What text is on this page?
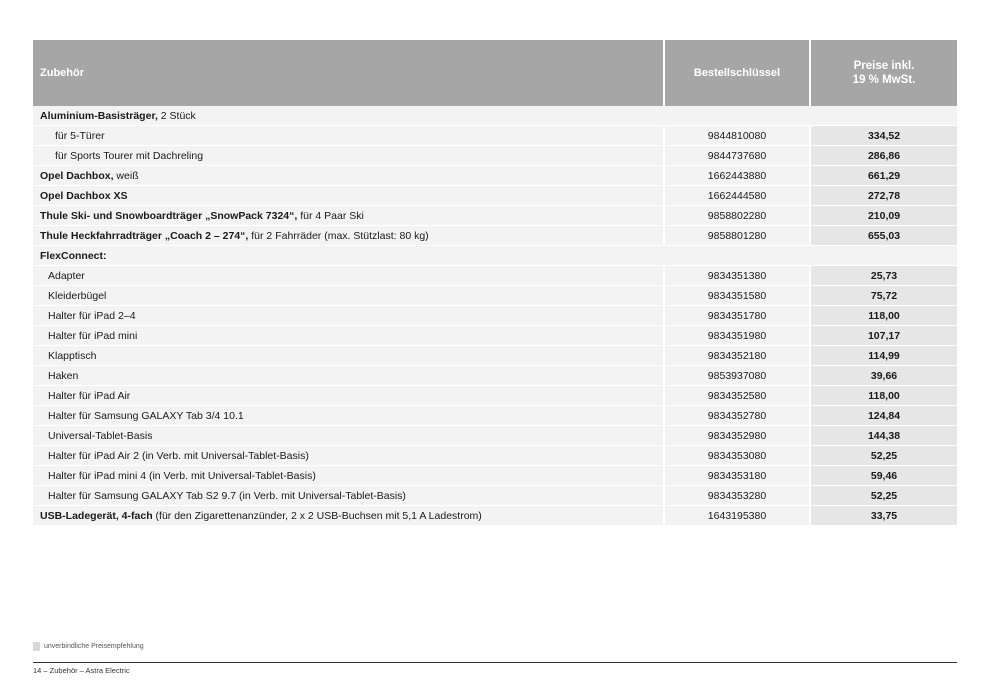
Zubehör	Bestellschlüssel	Preise inkl.
19 % MwSt.
Aluminium-Basisträger, 2 Stück		
für 5-Türer	9844810080	334,52
für Sports Tourer mit Dachreling	9844737680	286,86
Opel Dachbox, weiß	1662443880	661,29
Opel Dachbox XS	1662444580	272,78
Thule Ski- und Snowboardträger „SnowPack 7324“, für 4 Paar Ski	9858802280	210,09
Thule Heckfahrradträger „Coach 2 – 274“, für 2 Fahrräder (max. Stützlast: 80 kg)	9858801280	655,03
FlexConnect:		
Adapter	9834351380	25,73
Kleiderbügel	9834351580	75,72
Halter für iPad 2–4	9834351780	118,00
Halter für iPad mini	9834351980	107,17
Klapptisch	9834352180	114,99
Haken	9853937080	39,66
Halter für iPad Air	9834352580	118,00
Halter für Samsung GALAXY Tab 3/4 10.1	9834352780	124,84
Universal-Tablet-Basis	9834352980	144,38
Halter für iPad Air 2 (in Verb. mit Universal-Tablet-Basis)	9834353080	52,25
Halter für iPad mini 4 (in Verb. mit Universal-Tablet-Basis)	9834353180	59,46
Halter für Samsung GALAXY Tab S2 9.7 (in Verb. mit Universal-Tablet-Basis)	9834353280	52,25
USB-Ladegerät, 4-fach (für den Zigarettenanzünder, 2 x 2 USB-Buchsen mit 5,1 A Ladestrom)	1643195380	33,75
unverbindliche Preisempfehlung
14 – Zubehör – Astra Electric
